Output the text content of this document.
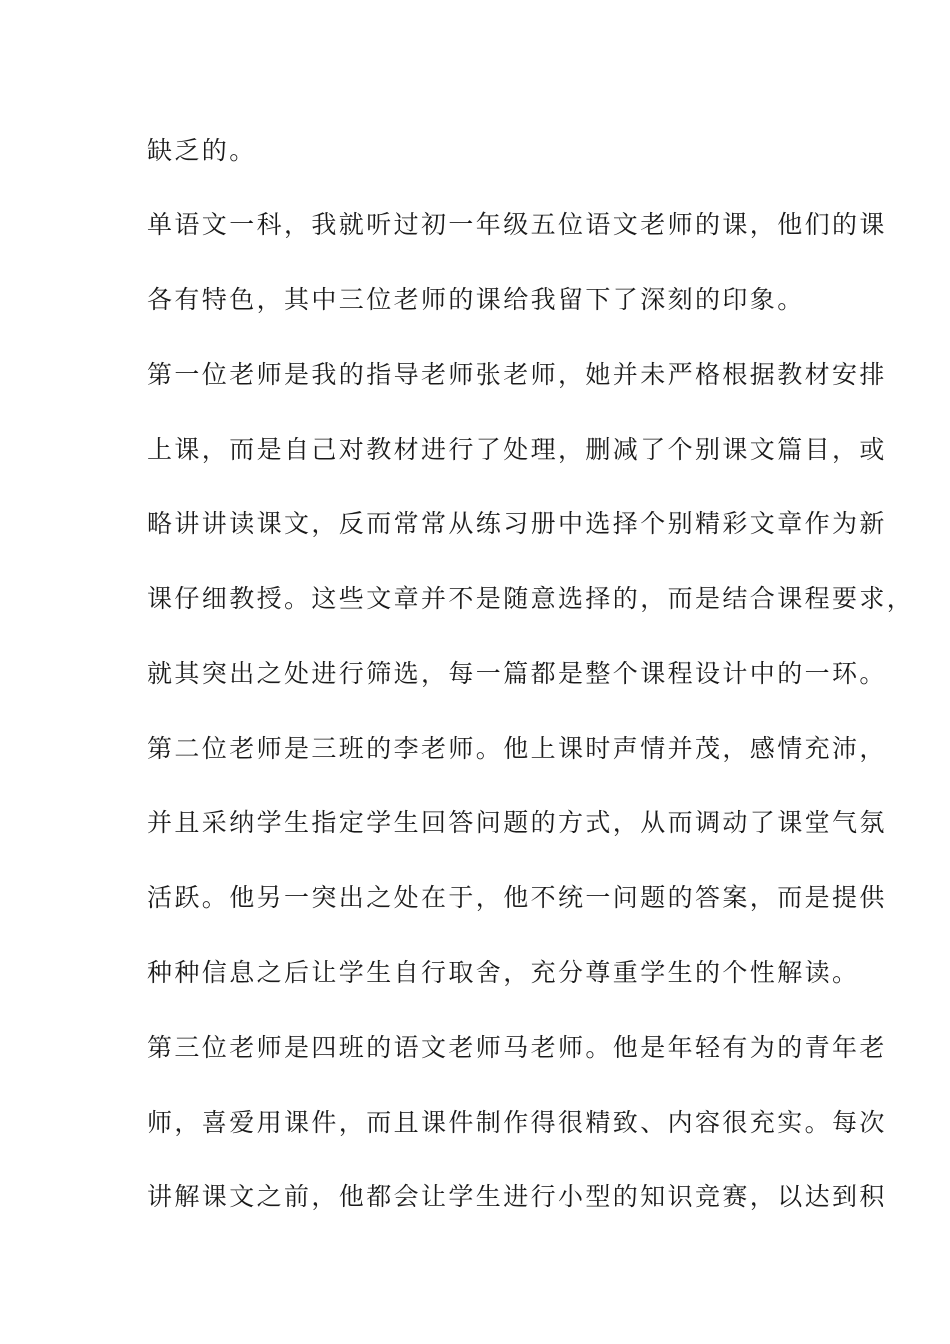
缺乏的。
单语文一科，我就听过初一年级五位语文老师的课，他们的课
各有特色，其中三位老师的课给我留下了深刻的印象。
第一位老师是我的指导老师张老师，她并未严格根据教材安排
上课，而是自己对教材进行了处理，删减了个别课文篇目，或
略讲讲读课文，反而常常从练习册中选择个别精彩文章作为新
课仔细教授。这些文章并不是随意选择的，而是结合课程要求，
就其突出之处进行筛选，每一篇都是整个课程设计中的一环。
第二位老师是三班的李老师。他上课时声情并茂，感情充沛，
并且采纳学生指定学生回答问题的方式，从而调动了课堂气氛
活跃。他另一突出之处在于，他不统一问题的答案，而是提供
种种信息之后让学生自行取舍，充分尊重学生的个性解读。
第三位老师是四班的语文老师马老师。他是年轻有为的青年老
师，喜爱用课件，而且课件制作得很精致、内容很充实。每次
讲解课文之前，他都会让学生进行小型的知识竞赛，以达到积
